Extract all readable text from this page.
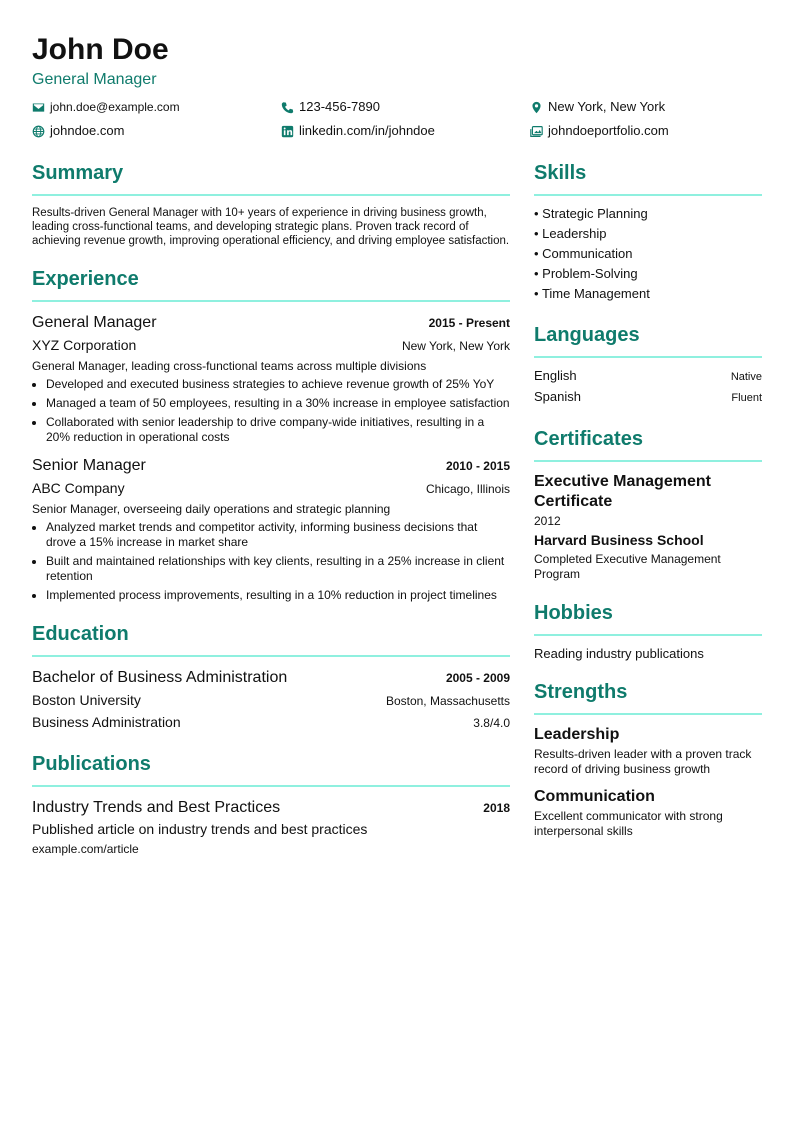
John Doe
General Manager
john.doe@example.com	123-456-7890	New York, New York
johndoe.com	linkedin.com/in/johndoe	johndoeportfolio.com
Summary
Results-driven General Manager with 10+ years of experience in driving business growth, leading cross-functional teams, and developing strategic plans. Proven track record of achieving revenue growth, improving operational efficiency, and driving employee satisfaction.
Experience
General Manager	2015 - Present
XYZ Corporation	New York, New York
General Manager, leading cross-functional teams across multiple divisions
• Developed and executed business strategies to achieve revenue growth of 25% YoY
• Managed a team of 50 employees, resulting in a 30% increase in employee satisfaction
• Collaborated with senior leadership to drive company-wide initiatives, resulting in a 20% reduction in operational costs
Senior Manager	2010 - 2015
ABC Company	Chicago, Illinois
Senior Manager, overseeing daily operations and strategic planning
• Analyzed market trends and competitor activity, informing business decisions that drove a 15% increase in market share
• Built and maintained relationships with key clients, resulting in a 25% increase in client retention
• Implemented process improvements, resulting in a 10% reduction in project timelines
Education
Bachelor of Business Administration	2005 - 2009
Boston University	Boston, Massachusetts
Business Administration	3.8/4.0
Publications
Industry Trends and Best Practices	2018
Published article on industry trends and best practices
example.com/article
Skills
• Strategic Planning
• Leadership
• Communication
• Problem-Solving
• Time Management
Languages
English	Native
Spanish	Fluent
Certificates
Executive Management Certificate
2012
Harvard Business School
Completed Executive Management Program
Hobbies
Reading industry publications
Strengths
Leadership
Results-driven leader with a proven track record of driving business growth
Communication
Excellent communicator with strong interpersonal skills
